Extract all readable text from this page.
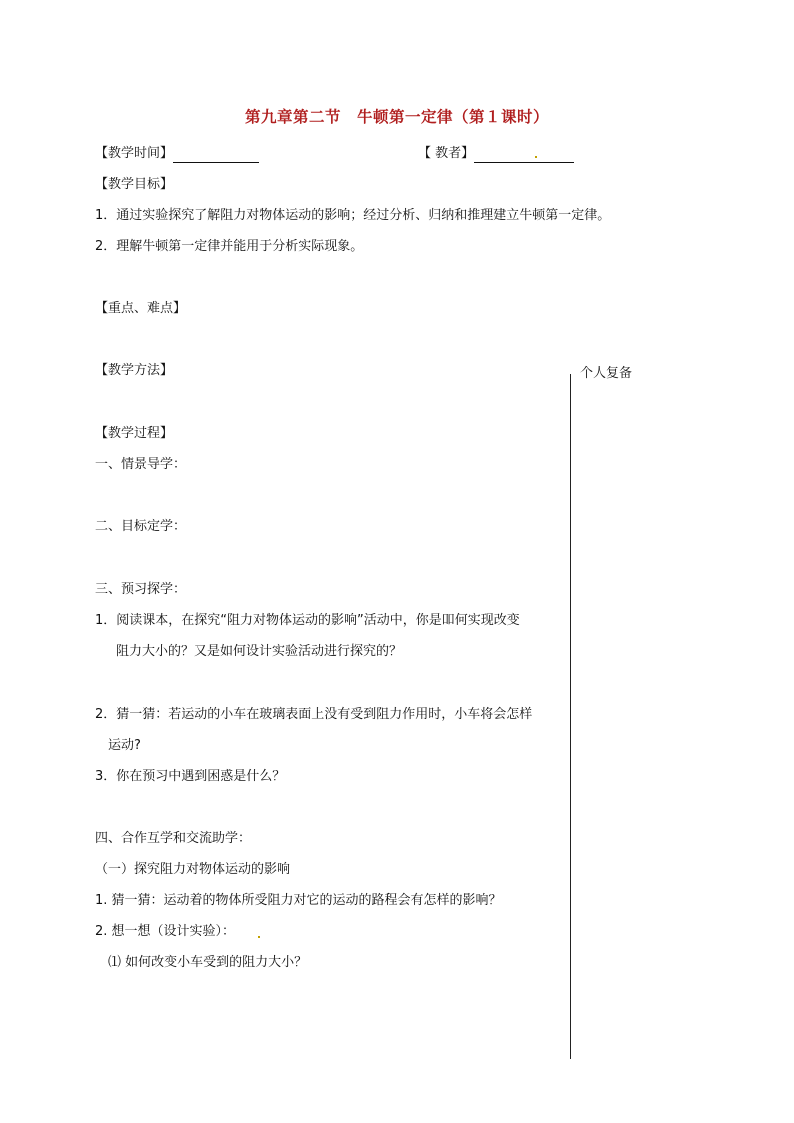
第九章第二节　牛顿第一定律（第１课时）
【教学时间】	【 教者】
【教学目标】
1．通过实验探究了解阻力对物体运动的影响；经过分析、归纳和推理建立牛顿第一定律。
2．理解牛顿第一定律并能用于分析实际现象。
【重点、难点】
【教学方法】	个人复备
【教学过程】
一、情景导学：
二、目标定学：
三、预习探学：
1．阅读课本，在探究“阻力对物体运动的影响”活动中，你是吅何实现改变
阻力大小的？又是如何设计实验活动进行探究的？
2．猜一猜：若运动的小车在玻璃表面上没有受到阻力作用时，小车将会怎样
运动?
3．你在预习中遇到困惑是什么？
四、合作互学和交流助学：
（一）探究阻力对物体运动的影响
1. 猜一猜：运动着的物体所受阻力对它的运动的路程会有怎样的影响？
2. 想一想（设计实验）：
⑴ 如何改变小车受到的阻力大小？
